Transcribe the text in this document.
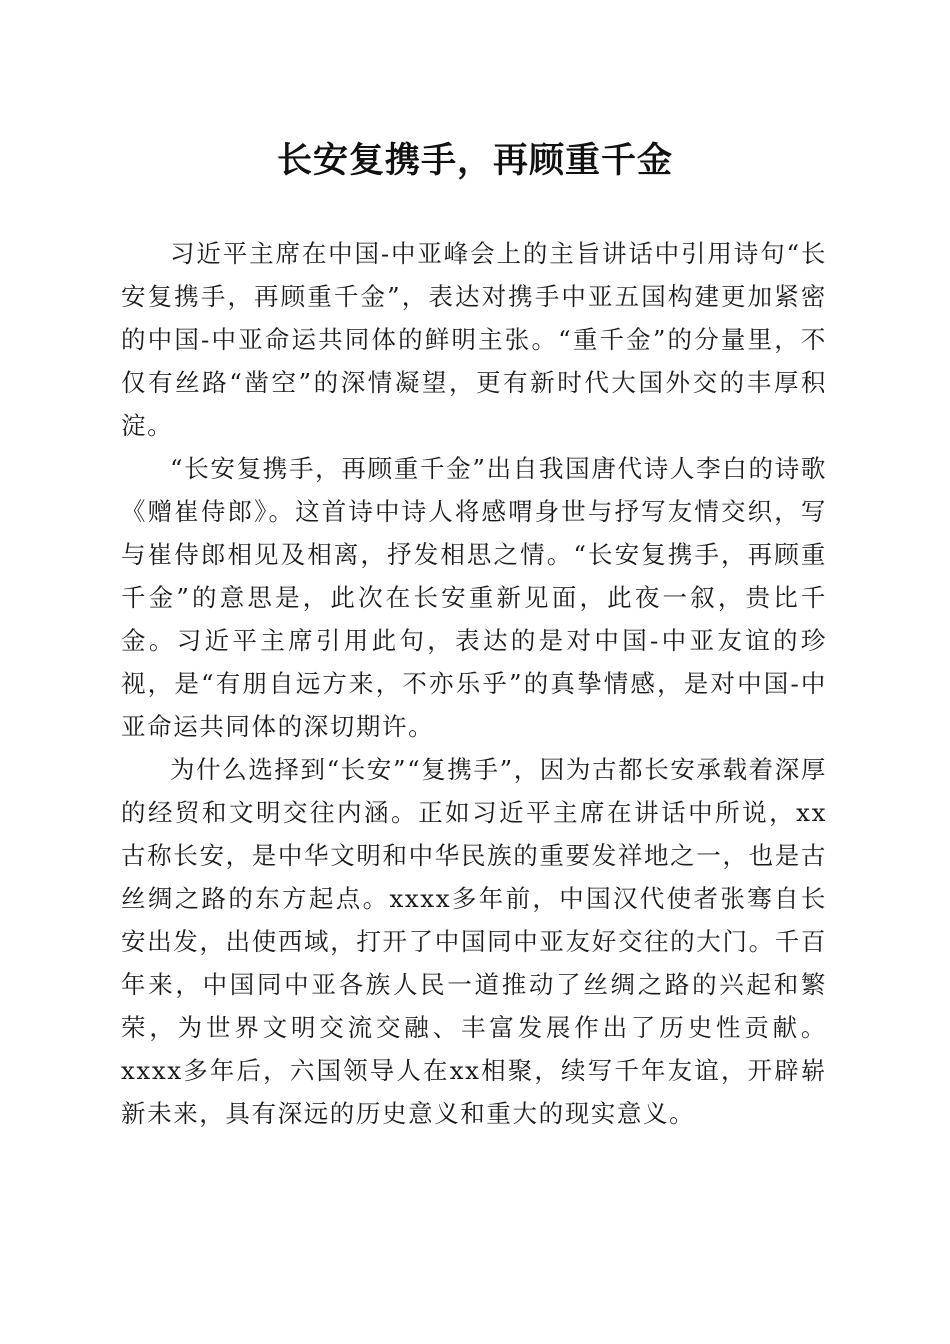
长安复携手，再顾重千金

习近平主席在中国-中亚峰会上的主旨讲话中引用诗句“长安复携手，再顾重千金”，表达对携手中亚五国构建更加紧密的中国-中亚命运共同体的鲜明主张。“重千金”的分量里，不仅有丝路“凿空”的深情凝望，更有新时代大国外交的丰厚积淀。

“长安复携手，再顾重千金”出自我国唐代诗人李白的诗歌《赠崔侍郎》。这首诗中诗人将感喟身世与抒写友情交织，写与崔侍郎相见及相离，抒发相思之情。“长安复携手，再顾重千金”的意思是，此次在长安重新见面，此夜一叙，贵比千金。习近平主席引用此句，表达的是对中国-中亚友谊的珍视，是“有朋自远方来，不亦乐乎”的真挚情感，是对中国-中亚命运共同体的深切期许。

为什么选择到“长安”“复携手”，因为古都长安承载着深厚的经贸和文明交往内涵。正如习近平主席在讲话中所说，xx古称长安，是中华文明和中华民族的重要发祥地之一，也是古丝绸之路的东方起点。xxxx多年前，中国汉代使者张骞自长安出发，出使西域，打开了中国同中亚友好交往的大门。千百年来，中国同中亚各族人民一道推动了丝绸之路的兴起和繁荣，为世界文明交流交融、丰富发展作出了历史性贡献。xxxx多年后，六国领导人在xx相聚，续写千年友谊，开辟崭新未来，具有深远的历史意义和重大的现实意义。
